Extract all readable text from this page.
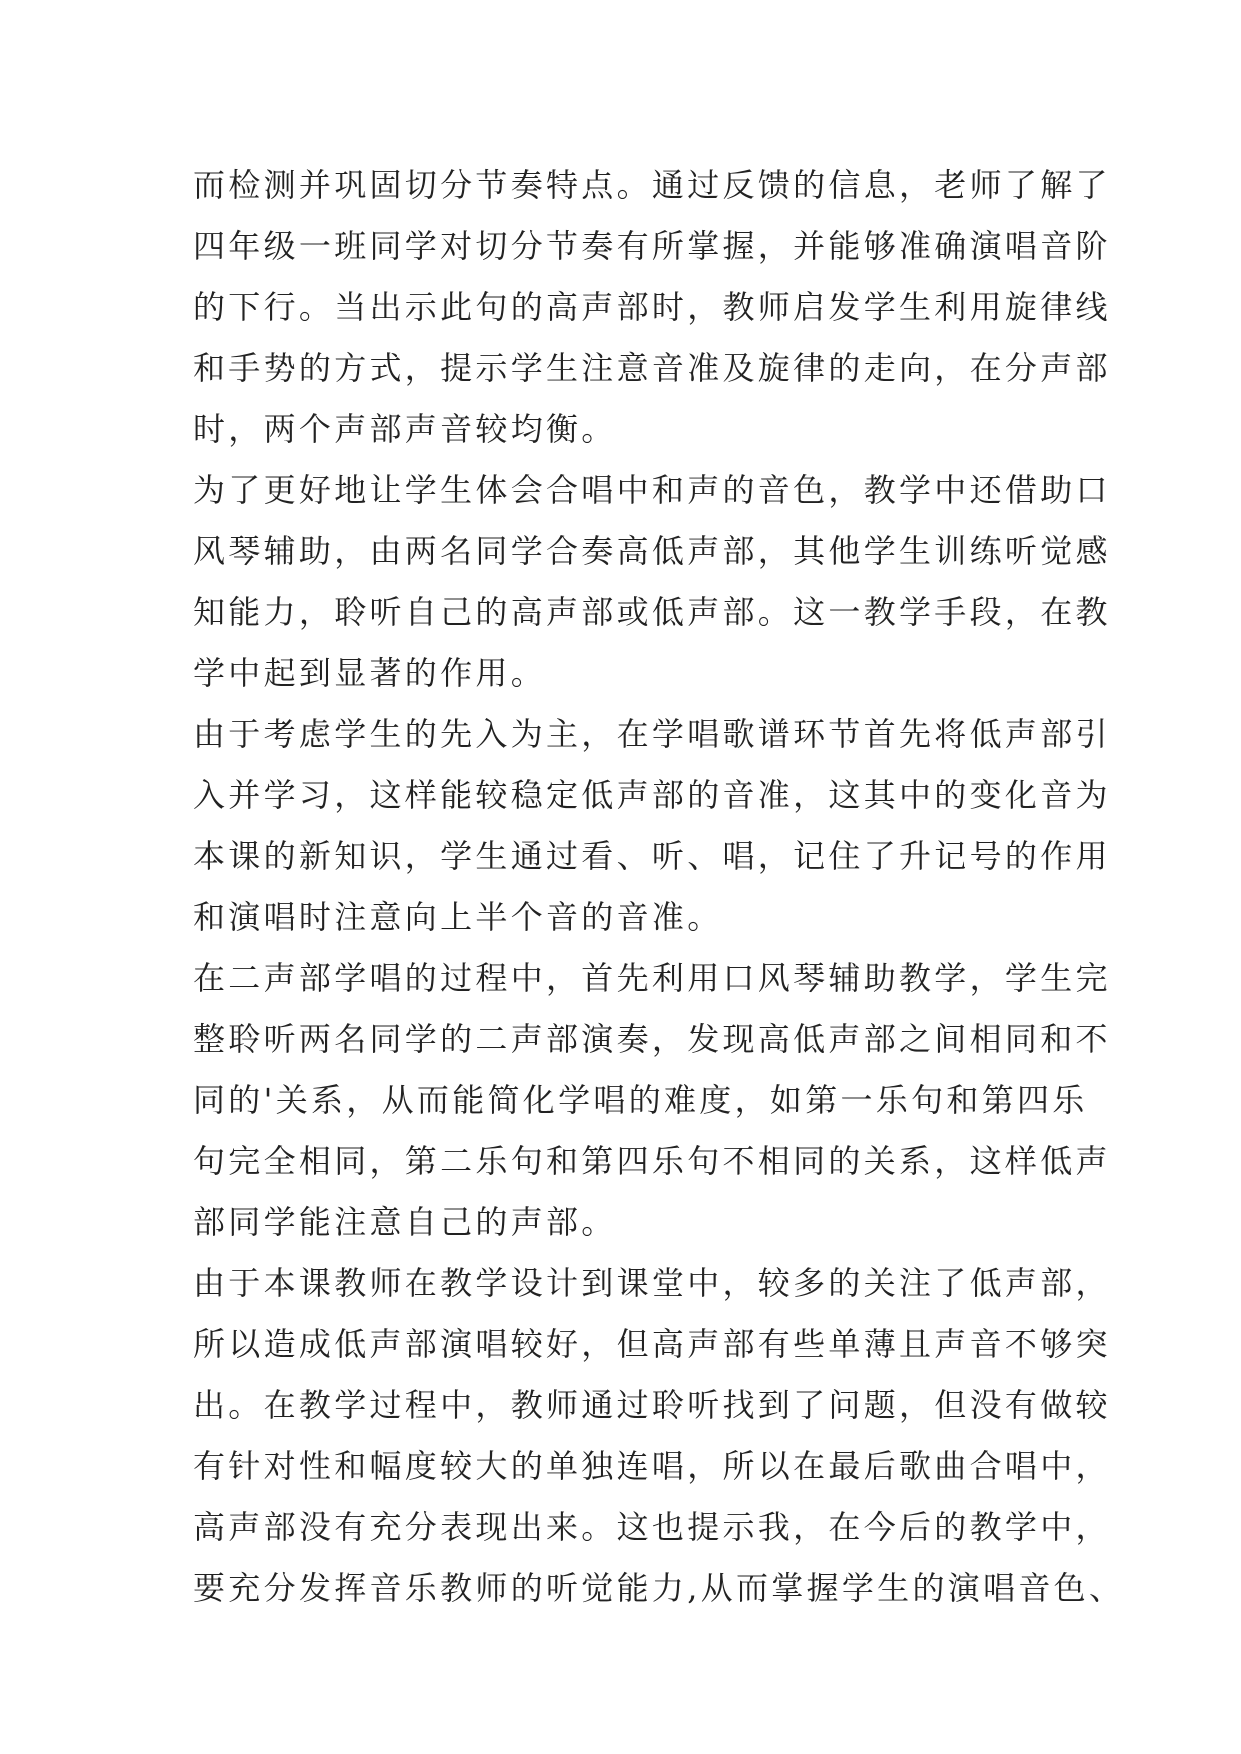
而检测并巩固切分节奏特点。通过反馈的信息，老师了解了
四年级一班同学对切分节奏有所掌握，并能够准确演唱音阶
的下行。当出示此句的高声部时，教师启发学生利用旋律线
和手势的方式，提示学生注意音准及旋律的走向，在分声部
时，两个声部声音较均衡。
为了更好地让学生体会合唱中和声的音色，教学中还借助口
风琴辅助，由两名同学合奏高低声部，其他学生训练听觉感
知能力，聆听自己的高声部或低声部。这一教学手段，在教
学中起到显著的作用。
由于考虑学生的先入为主，在学唱歌谱环节首先将低声部引
入并学习，这样能较稳定低声部的音准，这其中的变化音为
本课的新知识，学生通过看、听、唱，记住了升记号的作用
和演唱时注意向上半个音的音准。
在二声部学唱的过程中，首先利用口风琴辅助教学，学生完
整聆听两名同学的二声部演奏，发现高低声部之间相同和不
同的'关系，从而能简化学唱的难度，如第一乐句和第四乐
句完全相同，第二乐句和第四乐句不相同的关系，这样低声
部同学能注意自己的声部。
由于本课教师在教学设计到课堂中，较多的关注了低声部，
所以造成低声部演唱较好，但高声部有些单薄且声音不够突
出。在教学过程中，教师通过聆听找到了问题，但没有做较
有针对性和幅度较大的单独连唱，所以在最后歌曲合唱中，
高声部没有充分表现出来。这也提示我，在今后的教学中，
要充分发挥音乐教师的听觉能力,从而掌握学生的演唱音色、
